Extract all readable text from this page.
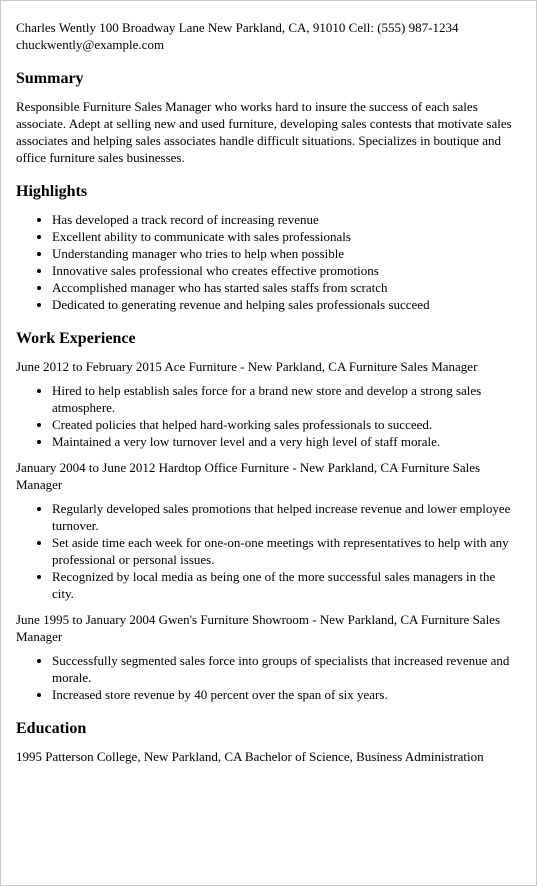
Charles Wently 100 Broadway Lane New Parkland, CA, 91010 Cell: (555) 987-1234

chuckwently@example.com

Summary

Responsible Furniture Sales Manager who works hard to insure the success of each sales associate. Adept at selling new and used furniture, developing sales contests that motivate sales associates and helping sales associates handle difficult situations. Specializes in boutique and office furniture sales businesses.

Highlights
• Has developed a track record of increasing revenue
• Excellent ability to communicate with sales professionals
• Understanding manager who tries to help when possible
• Innovative sales professional who creates effective promotions
• Accomplished manager who has started sales staffs from scratch
• Dedicated to generating revenue and helping sales professionals succeed
Work Experience

June 2012 to February 2015 Ace Furniture - New Parkland, CA Furniture Sales Manager

• Hired to help establish sales force for a brand new store and develop a strong sales atmosphere.
• Created policies that helped hard-working sales professionals to succeed.
• Maintained a very low turnover level and a very high level of staff morale.

January 2004 to June 2012 Hardtop Office Furniture - New Parkland, CA Furniture Sales Manager

• Regularly developed sales promotions that helped increase revenue and lower employee turnover.
• Set aside time each week for one-on-one meetings with representatives to help with any professional or personal issues.
• Recognized by local media as being one of the more successful sales managers in the city.

June 1995 to January 2004 Gwen's Furniture Showroom - New Parkland, CA Furniture Sales Manager

• Successfully segmented sales force into groups of specialists that increased revenue and morale.
• Increased store revenue by 40 percent over the span of six years.
Education

1995 Patterson College, New Parkland, CA Bachelor of Science, Business Administration
